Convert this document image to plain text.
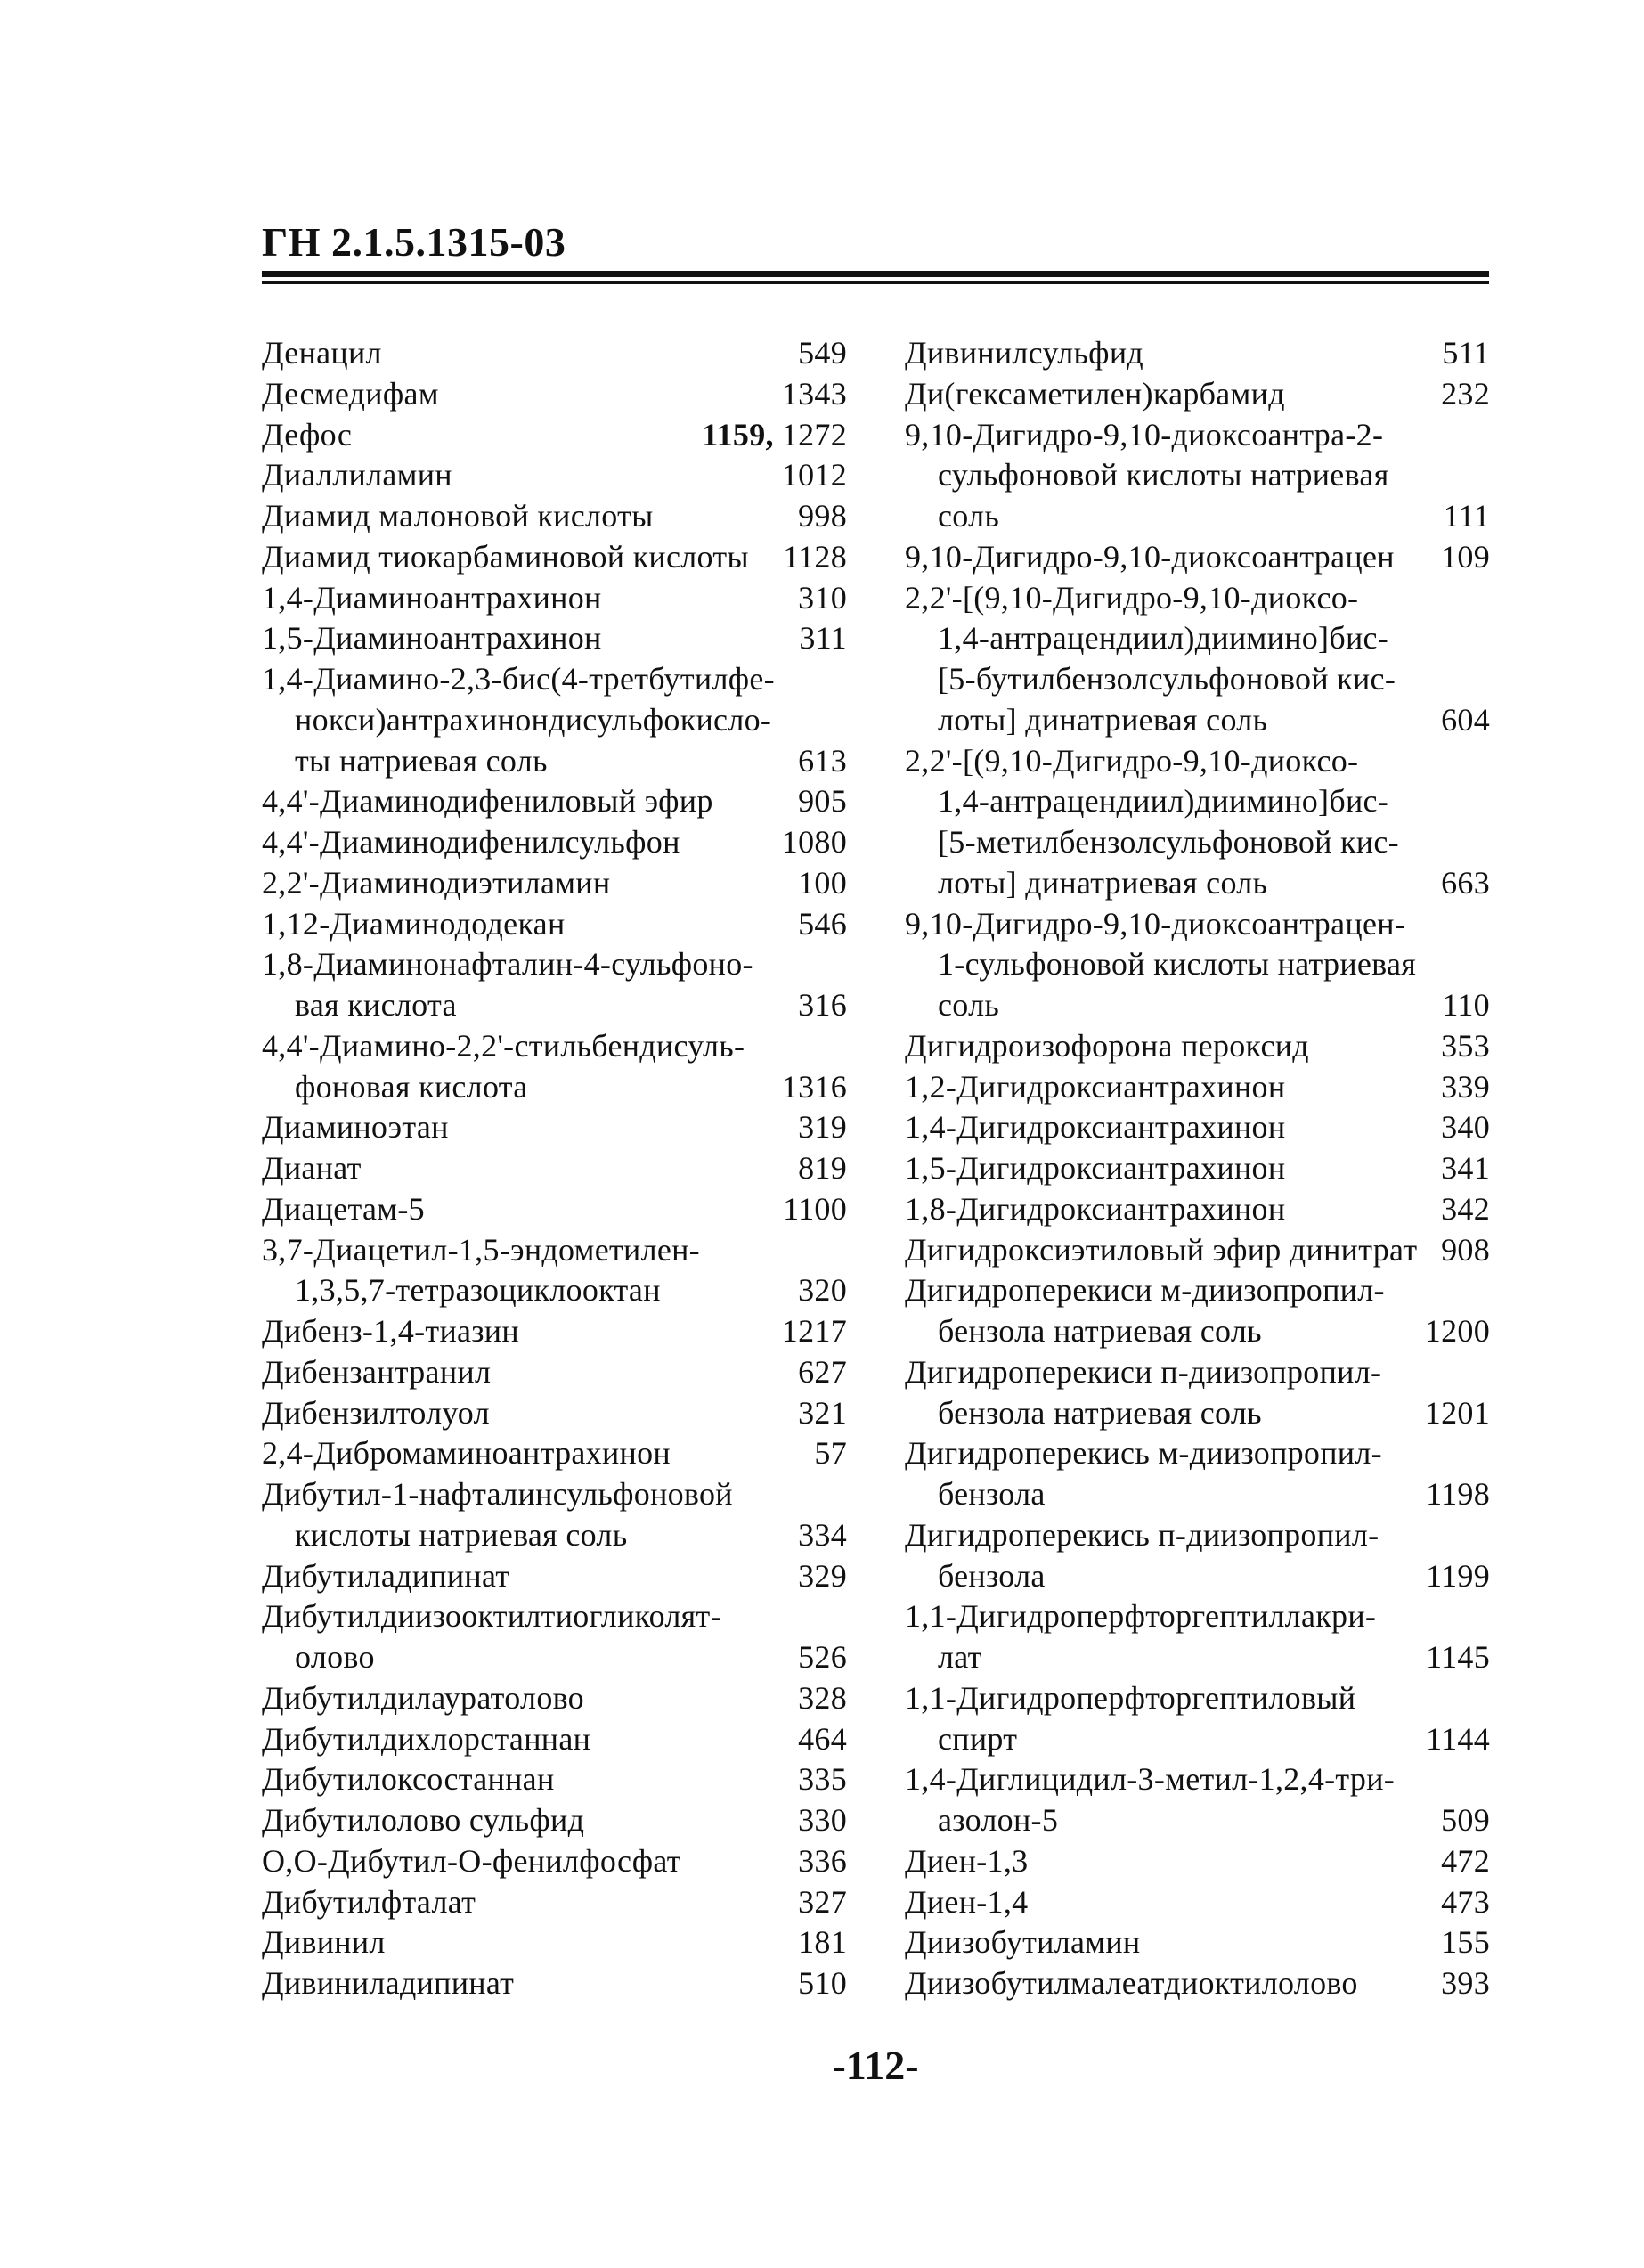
ГН 2.1.5.1315-03
Денацил	549
Десмедифам	1343
Дефос	1159, 1272
Диаллиламин	1012
Диамид малоновой кислоты	998
Диамид тиокарбаминовой кислоты 1128
1,4-Диаминоантрахинон	310
1,5-Диаминоантрахинон	311
1,4-Диамино-2,3-бис(4-третбутилфе-
нокси)антрахинондисульфокисло-
ты натриевая соль	613
4,4'-Диаминодифениловый эфир	905
4,4'-Диаминодифенилсульфон	1080
2,2'-Диаминодиэтиламин	100
1,12-Диаминододекан	546
1,8-Диаминонафталин-4-сульфоно-
вая кислота	316
4,4'-Диамино-2,2'-стильбендисуль-
фоновая кислота	1316
Диаминоэтан	319
Дианат	819
Диацетам-5	1100
3,7-Диацетил-1,5-эндометилен-
1,3,5,7-тетразоциклооктан	320
Дибенз-1,4-тиазин	1217
Дибензантранил	627
Дибензилтолуол	321
2,4-Дибромаминоантрахинон	57
Дибутил-1-нафталинсульфоновой
кислоты натриевая соль	334
Дибутиладипинат	329
Дибутилдиизооктилтиогликолят-
олово	526
Дибутилдилауратолово	328
Дибутилдихлорстаннан	464
Дибутилоксостаннан	335
Дибутилолово сульфид	330
О,О-Дибутил-О-фенилфосфат	336
Дибутилфталат	327
Дивинил	181
Дивиниладипинат	510
Дивинилсульфид	511
Ди(гексаметилен)карбамид	232
9,10-Дигидро-9,10-диоксоантра-2-
сульфоновой кислоты натриевая
соль	111
9,10-Дигидро-9,10-диоксоантрацен 109
2,2'-[(9,10-Дигидро-9,10-диоксо-
1,4-антрацендиил)диимино]бис-
[5-бутилбензолсульфоновой кис-
лоты] динатриевая соль	604
2,2'-[(9,10-Дигидро-9,10-диоксо-
1,4-антрацендиил)диимино]бис-
[5-метилбензолсульфоновой кис-
лоты] динатриевая соль	663
9,10-Дигидро-9,10-диоксоантрацен-
1-сульфоновой кислоты натриевая
соль	110
Дигидроизофорона пероксид	353
1,2-Дигидроксиантрахинон	339
1,4-Дигидроксиантрахинон	340
1,5-Дигидроксиантрахинон	341
1,8-Дигидроксиантрахинон	342
Дигидроксиэтиловый эфир динитрат 908
Дигидроперекиси м-диизопропил-
бензола натриевая соль	1200
Дигидроперекиси п-диизопропил-
бензола натриевая соль	1201
Дигидроперекись м-диизопропил-
бензола	1198
Дигидроперекись п-диизопропил-
бензола	1199
1,1-Дигидроперфторгептиллакри-
лат	1145
1,1-Дигидроперфторгептиловый
спирт	1144
1,4-Диглицидил-3-метил-1,2,4-три-
азолон-5	509
Диен-1,3	472
Диен-1,4	473
Диизобутиламин	155
Диизобутилмалеатдиоктилолово	393
-112-
